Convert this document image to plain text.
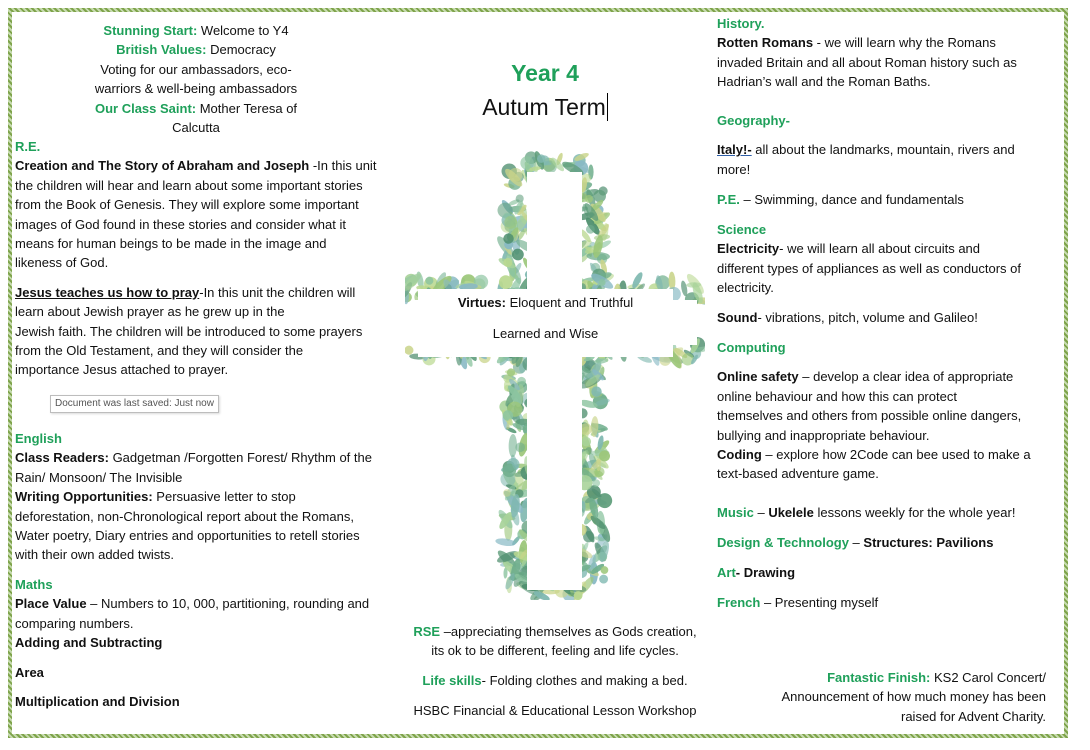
Stunning Start: Welcome to Y4
British Values: Democracy
Voting for our ambassadors, eco-
warriors & well-being ambassadors
Our Class Saint: Mother Teresa of
Calcutta
R.E.
Creation and The Story of Abraham and Joseph -In this unit
the children will hear and learn about some important stories
from the Book of Genesis. They will explore some important
images of God found in these stories and consider what it
means for human beings to be made in the image and
likeness of God.
Jesus teaches us how to pray-In this unit the children will
learn about Jewish prayer as he grew up in the
Jewish faith. The children will be introduced to some prayers
from the Old Testament, and they will consider the
importance Jesus attached to prayer.
Document was last saved: Just now
English
Class Readers: Gadgetman /Forgotten Forest/ Rhythm of the
Rain/ Monsoon/ The Invisible
Writing Opportunities: Persuasive letter to stop
deforestation, non-Chronological report about the Romans,
Water poetry, Diary entries and opportunities to retell stories
with their own added twists.
Maths
Place Value – Numbers to 10, 000, partitioning, rounding and
comparing numbers.
Adding and Subtracting
Area
Multiplication and Division
Year 4
Autum Term
Virtues: Eloquent and Truthful
Learned and Wise
RSE –appreciating themselves as Gods creation,
its ok to be different, feeling and life cycles.
Life skills- Folding clothes and making a bed.
HSBC Financial & Educational Lesson Workshop
History.
Rotten Romans - we will learn why the Romans
invaded Britain and all about Roman history such as
Hadrian’s wall and the Roman Baths.
Geography-
Italy!- all about the landmarks, mountain, rivers and
more!
P.E. – Swimming, dance and fundamentals
Science
Electricity- we will learn all about circuits and
different types of appliances as well as conductors of
electricity.
Sound- vibrations, pitch, volume and Galileo!
Computing
Online safety – develop a clear idea of appropriate
online behaviour and how this can protect
themselves and others from possible online dangers,
bullying and inappropriate behaviour.
Coding – explore how 2Code can bee used to make a
text-based adventure game.
Music – Ukelele lessons weekly for the whole year!
Design & Technology – Structures: Pavilions
Art- Drawing
French – Presenting myself
Fantastic Finish: KS2 Carol Concert/
Announcement of how much money has been
raised for Advent Charity.
